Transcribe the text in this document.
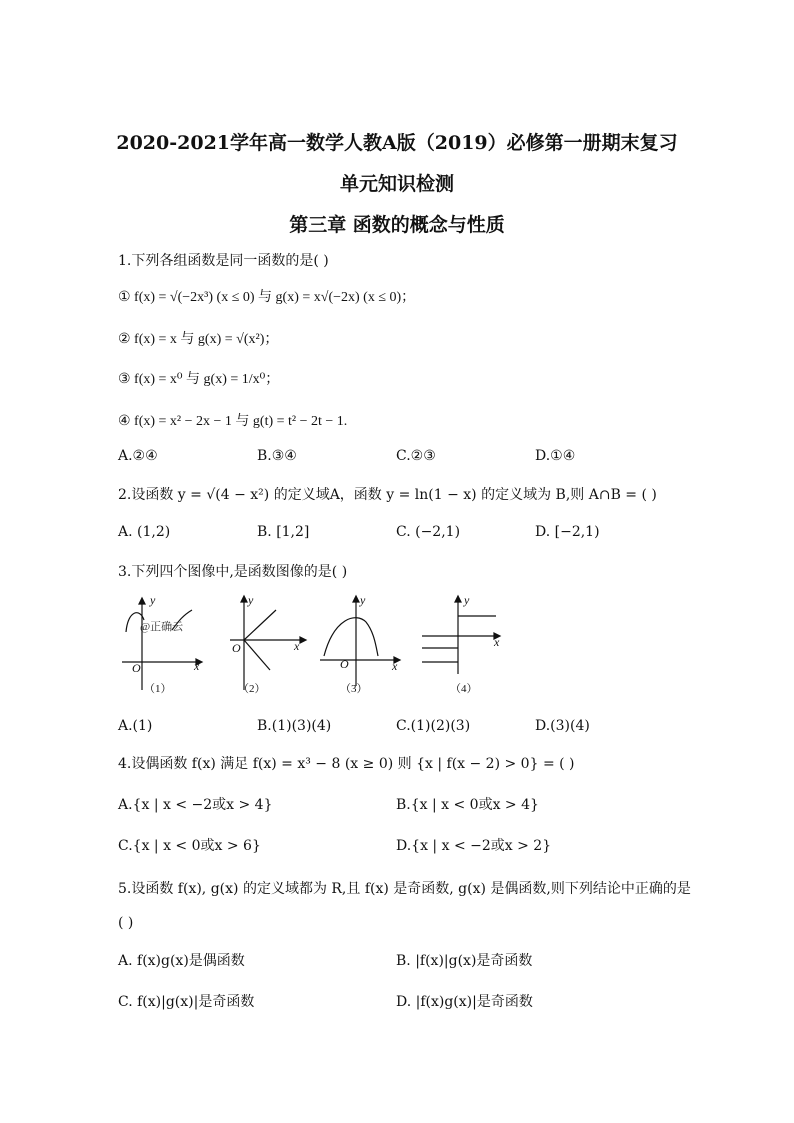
2020-2021学年高一数学人教A版（2019）必修第一册期末复习
单元知识检测
第三章 函数的概念与性质
1.下列各组函数是同一函数的是( )
① f(x) = √(−2x³) (x ≤ 0) 与 g(x) = x√(−2x) (x ≤ 0)；
② f(x) = x 与 g(x) = √(x²)；
③ f(x) = x⁰ 与 g(x) = 1/x⁰；
④ f(x) = x² − 2x − 1 与 g(t) = t² − 2t − 1.
A.②④	B.③④	C.②③	D.①④
2.设函数 y = √(4 − x²) 的定义域A，函数 y = ln(1 − x) 的定义域为 B,则 A∩B = ( )
A. (1,2)	B. [1,2]	C. (−2,1)	D. [−2,1)
3.下列四个图像中,是函数图像的是( )
y
x
O
y
x
O
y
x
O
y
x
@正确云
（1）	（2）	（3）	（4）
A.(1)	B.(1)(3)(4)	C.(1)(2)(3)	D.(3)(4)
4.设偶函数 f(x) 满足 f(x) = x³ − 8 (x ≥ 0) 则 {x | f(x − 2) > 0} = ( )
A.{x | x < −2或x > 4}	B.{x | x < 0或x > 4}
C.{x | x < 0或x > 6}	D.{x | x < −2或x > 2}
5.设函数 f(x), g(x) 的定义域都为 R,且 f(x) 是奇函数, g(x) 是偶函数,则下列结论中正确的是
( )
A. f(x)g(x)是偶函数	B. |f(x)|g(x)是奇函数
C. f(x)|g(x)|是奇函数	D. |f(x)g(x)|是奇函数
